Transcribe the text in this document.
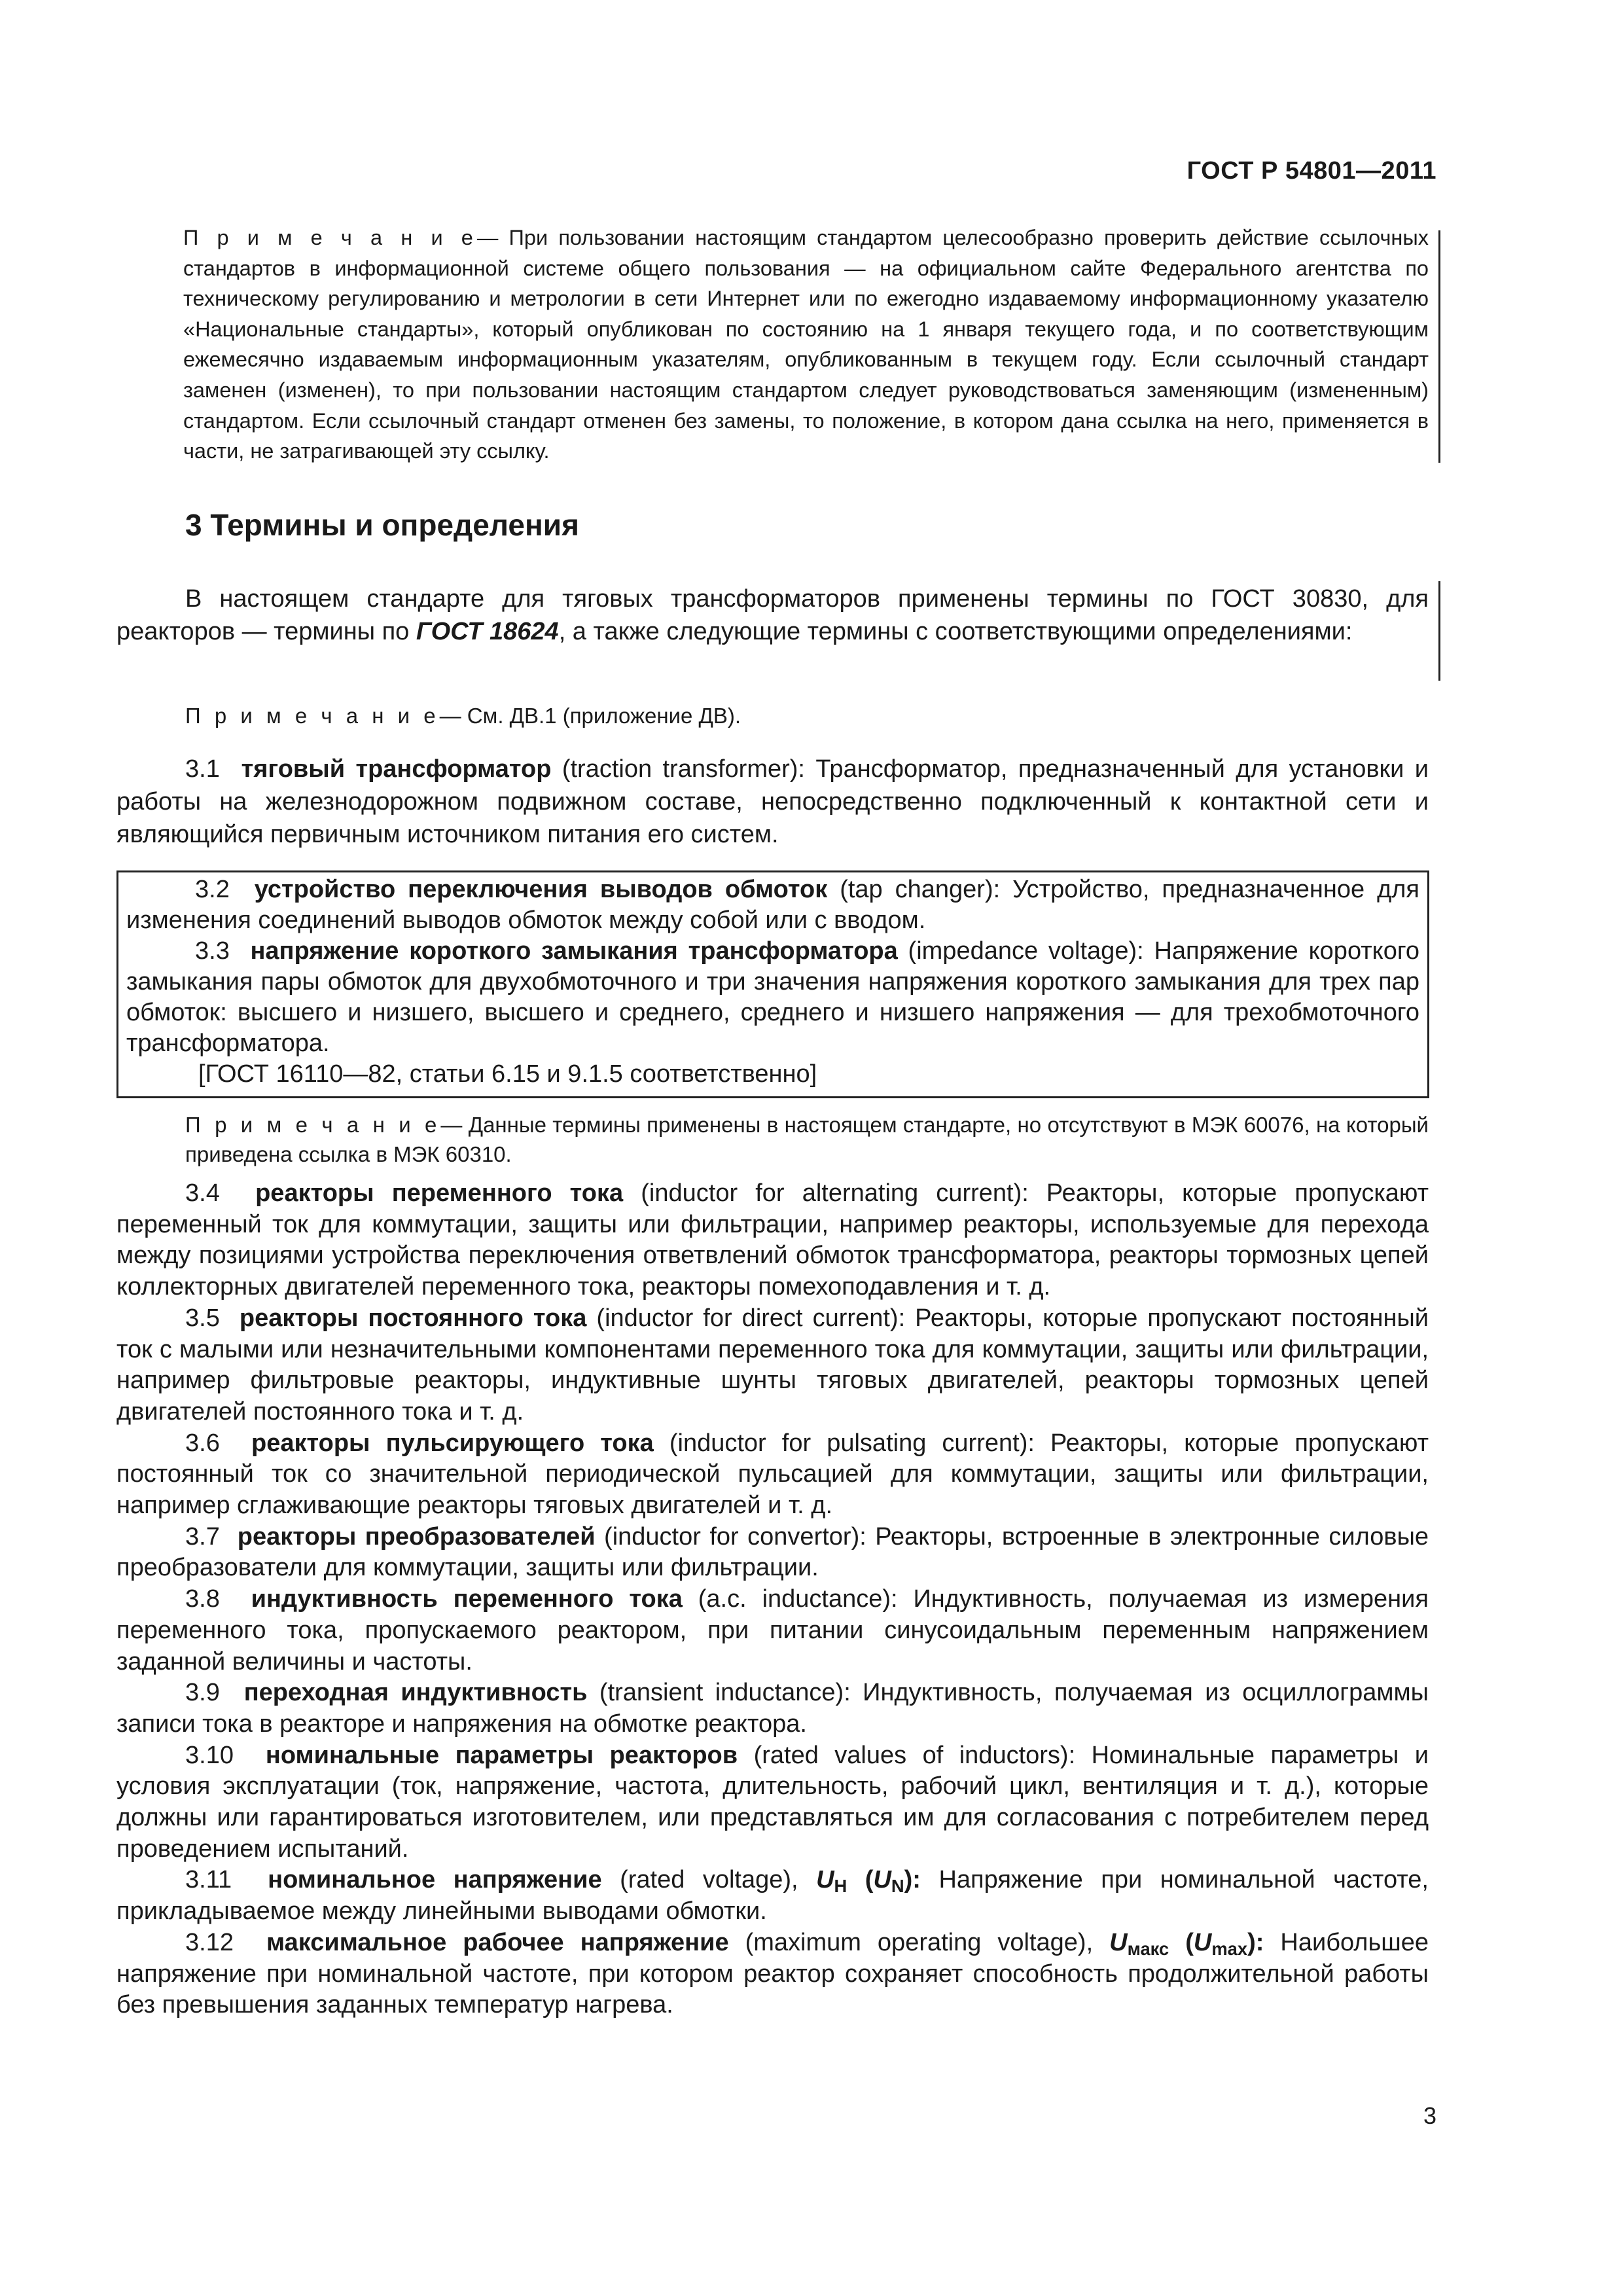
ГОСТ Р 54801—2011
П р и м е ч а н и е— При пользовании настоящим стандартом целесообразно проверить действие ссылочных стандартов в информационной системе общего пользования — на официальном сайте Федерального агентства по техническому регулированию и метрологии в сети Интернет или по ежегодно издаваемому информационному указателю «Национальные стандарты», который опубликован по состоянию на 1 января текущего года, и по соответствующим ежемесячно издаваемым информационным указателям, опубликованным в текущем году. Если ссылочный стандарт заменен (изменен), то при пользовании настоящим стандартом следует руководствоваться заменяющим (измененным) стандартом. Если ссылочный стандарт отменен без замены, то положение, в котором дана ссылка на него, применяется в части, не затрагивающей эту ссылку.
3 Термины и определения

В настоящем стандарте для тяговых трансформаторов применены термины по ГОСТ 30830, для реакторов — термины по ГОСТ 18624, а также следующие термины с соответствующими определениями:

П р и м е ч а н и е— См. ДВ.1 (приложение ДВ).

3.1 тяговый трансформатор (traction transformer): Трансформатор, предназначенный для установки и работы на железнодорожном подвижном составе, непосредственно подключенный к контактной сети и являющийся первичным источником питания его систем.

3.2 устройство переключения выводов обмоток (tap changer): Устройство, предназначенное для изменения соединений выводов обмоток между собой или с вводом.

3.3 напряжение короткого замыкания трансформатора (impedance voltage): Напряжение короткого замыкания пары обмоток для двухобмоточного и три значения напряжения короткого замыкания для трех пар обмоток: высшего и низшего, высшего и среднего, среднего и низшего напряжения — для трехобмоточного трансформатора.

[ГОСТ 16110—82, статьи 6.15 и 9.1.5 соответственно]

П р и м е ч а н и е— Данные термины применены в настоящем стандарте, но отсутствуют в МЭК 60076, на который приведена ссылка в МЭК 60310.

3.4 реакторы переменного тока (inductor for alternating current): Реакторы, которые пропускают переменный ток для коммутации, защиты или фильтрации, например реакторы, используемые для перехода между позициями устройства переключения ответвлений обмоток трансформатора, реакторы тормозных цепей коллекторных двигателей переменного тока, реакторы помехоподавления и т. д.

3.5 реакторы постоянного тока (inductor for direct current): Реакторы, которые пропускают постоянный ток с малыми или незначительными компонентами переменного тока для коммутации, защиты или фильтрации, например фильтровые реакторы, индуктивные шунты тяговых двигателей, реакторы тормозных цепей двигателей постоянного тока и т. д.

3.6 реакторы пульсирующего тока (inductor for pulsating current): Реакторы, которые пропускают постоянный ток со значительной периодической пульсацией для коммутации, защиты или фильтрации, например сглаживающие реакторы тяговых двигателей и т. д.

3.7 реакторы преобразователей (inductor for convertor): Реакторы, встроенные в электронные силовые преобразователи для коммутации, защиты или фильтрации.

3.8 индуктивность переменного тока (a.c. inductance): Индуктивность, получаемая из измерения переменного тока, пропускаемого реактором, при питании синусоидальным переменным напряжением заданной величины и частоты.

3.9 переходная индуктивность (transient inductance): Индуктивность, получаемая из осциллограммы записи тока в реакторе и напряжения на обмотке реактора.

3.10 номинальные параметры реакторов (rated values of inductors): Номинальные параметры и условия эксплуатации (ток, напряжение, частота, длительность, рабочий цикл, вентиляция и т. д.), которые должны или гарантироваться изготовителем, или представляться им для согласования с потребителем перед проведением испытаний.

3.11 номинальное напряжение (rated voltage), $U_Н$ $(U_N)$: Напряжение при номинальной частоте, прикладываемое между линейными выводами обмотки.

3.12 максимальное рабочее напряжение (maximum operating voltage), $U_{макс}$ $(U_{max})$: Наибольшее напряжение при номинальной частоте, при котором реактор сохраняет способность продолжительной работы без превышения заданных температур нагрева.

3
